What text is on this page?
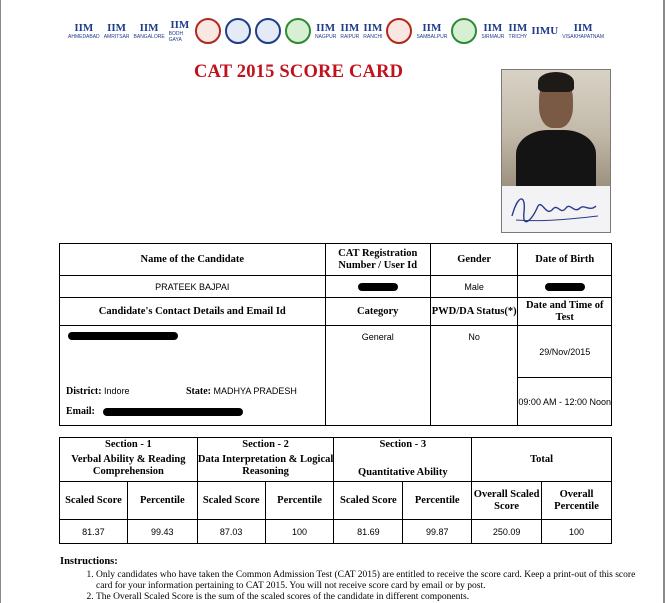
IIM
AHMEDABAD
IIM
AMRITSAR
IIM
BANGALORE
IIM
BODH GAYA
IIM
NAGPUR
IIM
RAIPUR
IIM
RANCHI
IIM
SAMBALPUR
IIM
SIRMAUR
IIM
TRICHY IIMU IIM
VISAKHAPATNAM
CAT 2015 SCORE CARD
Name of the Candidate	CAT Registration Number / User Id	Gender	Date of Birth
PRATEEK BAJPAI		Male	
Candidate's Contact Details and Email Id	Category	PWD/DA Status(*)	Date and Time of Test

District: Indore State: MADHYA PRADESH
Email:	General	No	29/Nov/2015
			09:00 AM - 12:00 Noon
Section - 1		Section - 2		Section - 3		Total	
Verbal Ability & Reading Comprehension		Data Interpretation & Logical Reasoning		Quantitative Ability			
Scaled Score	Percentile	Scaled Score	Percentile	Scaled Score	Percentile	Overall Scaled Score	Overall Percentile
81.37	99.43	87.03	100	81.69	99.87	250.09	100
Instructions:
1. Only candidates who have taken the Common Admission Test (CAT 2015) are entitled to receive the score card. Keep a print-out of this score card for your information pertaining to CAT 2015. You will not receive score card by email or by post.
2. The Overall Scaled Score is the sum of the scaled scores of the candidate in different components.
